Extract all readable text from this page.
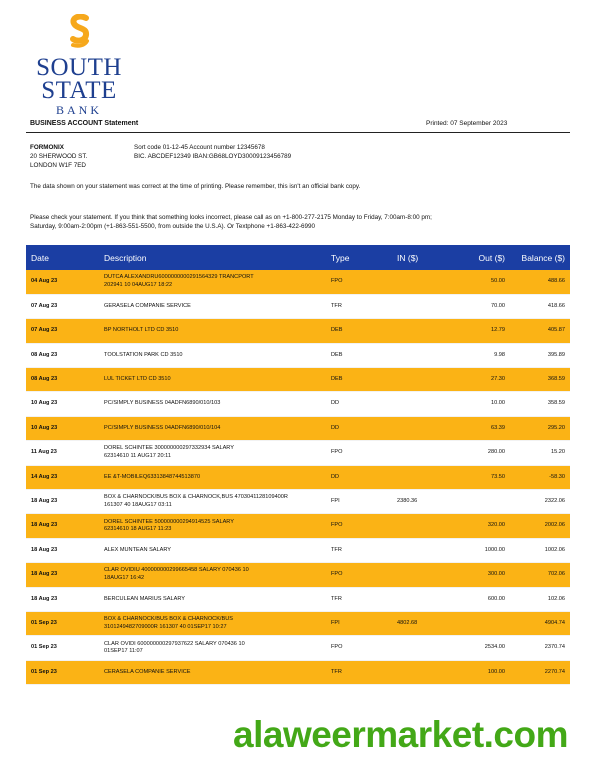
SOUTH
STATE
BANK
BUSINESS ACCOUNT Statement	Printed: 07 September 2023
FORMONIX
20 SHERWOOD ST.
LONDON W1F 7ED
Sort code 01-12-45 Account number 12345678
BIC. ABCDEF12349 IBAN:GB68LOYD30009123456789
The data shown on your statement was correct at the time of printing. Please remember, this isn't an official bank copy.
Please check your statement. If you think that something looks incorrect, please call as on +1-800-277-2175 Monday to Friday, 7:00am-8:00 pm; Saturday, 9:00am-2:00pm (+1-863-551-5500, from outside the U.S.A). Or Textphone +1-863-422-6990
Date	Description	Type	IN ($)	Out ($)	Balance ($)
04 Aug 23	DUTCA ALEXANDRU6000000000291564329 TRANCPORT
202941 10 04AUG17 18:22	FPO		50.00	488.66
07 Aug 23	GERASELA COMPANIE SERVICE	TFR		70.00	418.66
07 Aug 23	BP NORTHOLT LTD CD 3510	DEB		12.79	405.87
08 Aug 23	TOOLSTATION PARK CD 3510	DEB		9.98	395.89
08 Aug 23	LUL TICKET LTD CD 3510	DEB		27.30	368.59
10 Aug 23	PC/SIMPLY BUSINESS 04ADFN6890/010/103	DD		10.00	358.59
10 Aug 23	PC/SIMPLY BUSINESS 04ADFN6890/010/104	DD		63.39	295.20
11 Aug 23	DOREL SCHINTEE 300000000297332934 SALARY
62314610 11 AUG17 20:11	FPO		280.00	15.20
14 Aug 23	EE &T-MOBILEQ63313848744513870	DD		73.50	-58.30
18 Aug 23	BOX & CHARNOCK/BUS BOX & CHARNOCK,BUS 4703041128109400R
161307 40 18AUG17 03:11	FPI	2380.36		2322.06
18 Aug 23	DOREL SCHINTEE 500000000294914525 SALARY
62314610 18 AUG17 11:23	FPO		320.00	2002.06
18 Aug 23	ALEX MUNTEAN SALARY	TFR		1000.00	1002.06
18 Aug 23	CLAR OVIDIU 400000000299665458 SALARY 070436 10
18AUG17 16:42	FPO		300.00	702.06
18 Aug 23	BERCULEAN MARIUS SALARY	TFR		600.00	102.06
01 Sep 23	BOX & CHARNOCK/BUS BOX & CHARNOCK/BUS
3101249482709000R 161307 40 01SEP17 10:27	FPI	4802.68		4904.74
01 Sep 23	CLAR OVIDI 600000000297937622 SALARY 070436 10
01SEP17 11:07	FPO		2534.00	2370.74
01 Sep 23	CERASELA COMPANIE SERVICE	TFR		100.00	2270.74
alaweermarket.com
